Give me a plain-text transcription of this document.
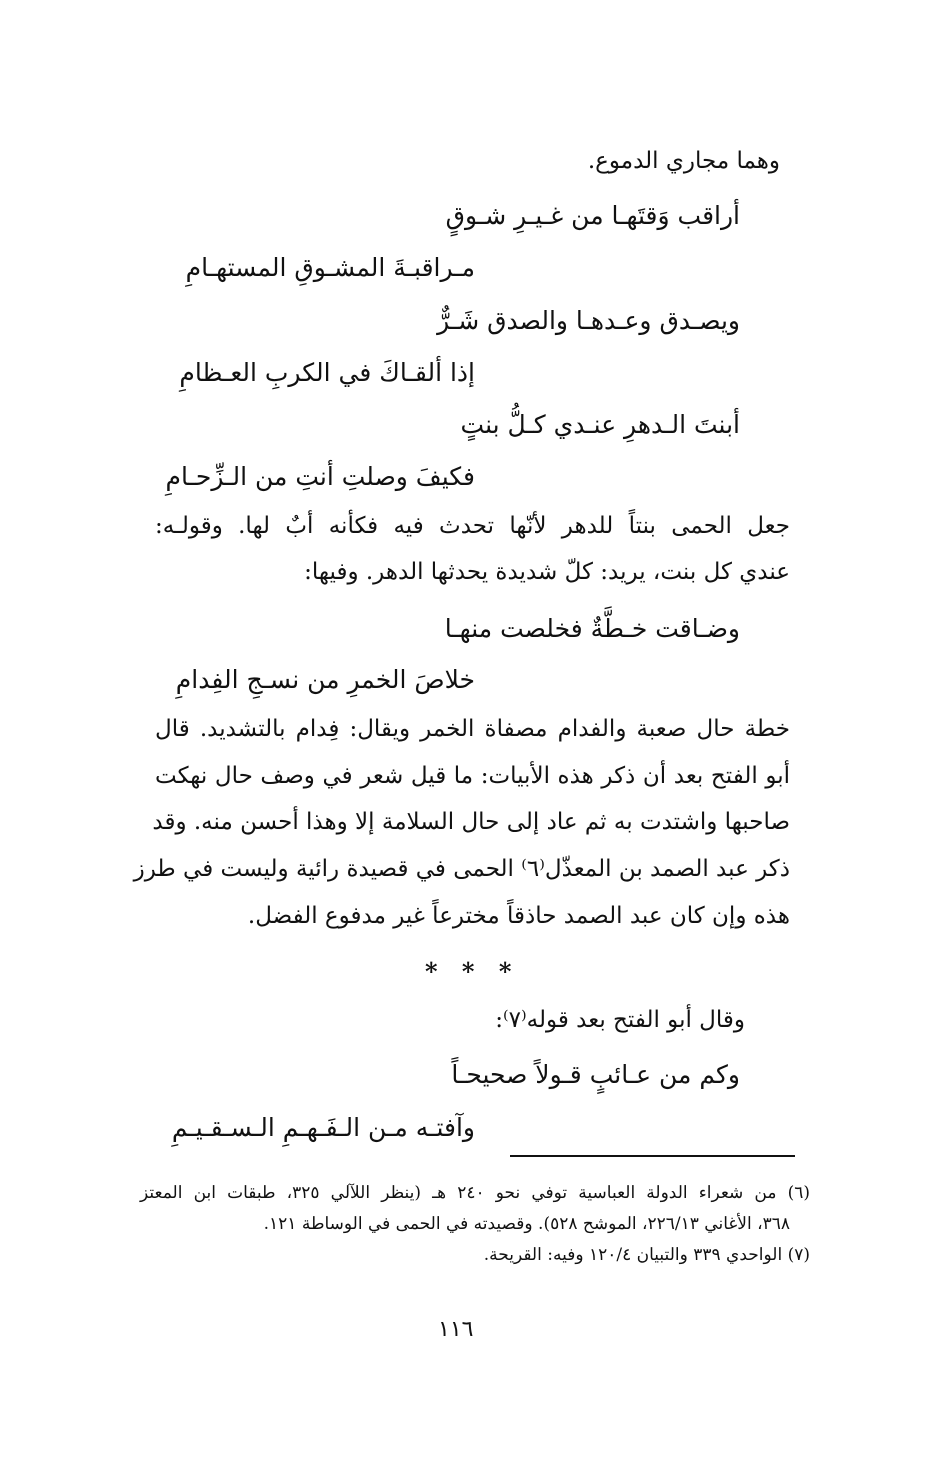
وهما مجاري الدموع.
أراقب وَقتَهـا من غـيـرِ شـوقٍ
مـراقبـةَ المشـوقِ المستهـامِ
ويصـدق وعـدهـا والصدق شَـرٌّ
إذا ألقـاكَ في الكربِ العـظامِ
أبنتَ الـدهرِ عنـدي كـلُّ بنتٍ
فكيفَ وصلتِ أنتِ من الـزِّحـامِ
جعل الحمى بنتاً للدهر لأنّها تحدث فيه فكأنه أبٌ لها. وقولـه:
عندي كل بنت، يريد: كلّ شديدة يحدثها الدهر. وفيها:
وضـاقت خـطَّةٌ فخلصت منهـا
خلاصَ الخمرِ من نسـجِ الفِدامِ
خطة حال صعبة والفدام مصفاة الخمر ويقال: فِدام بالتشديد. قال
أبو الفتح بعد أن ذكر هذه الأبيات: ما قيل شعر في وصف حال نهكت
صاحبها واشتدت به ثم عاد إلى حال السلامة إلا وهذا أحسن منه. وقد
ذكر عبد الصمد بن المعذّل⁽٦⁾ الحمى في قصيدة رائية وليست في طرز
هذه وإن كان عبد الصمد حاذقاً مخترعاً غير مدفوع الفضل.
* * *
وقال أبو الفتح بعد قوله⁽٧⁾:
وكم من عـائبٍ قـولاً صحيحـاً
وآفتـه مـن الـفَـهـمِ الـسـقـيـمِ
(٦) من شعراء الدولة العباسية توفي نحو ٢٤٠ هـ (ينظر اللآلي ٣٢٥، طبقات ابن المعتز
٣٦٨، الأغاني ٢٢٦/١٣، الموشح ٥٢٨). وقصيدته في الحمى في الوساطة ١٢١.
(٧) الواحدي ٣٣٩ والتبيان ١٢٠/٤ وفيه: القريحة.
١١٦
